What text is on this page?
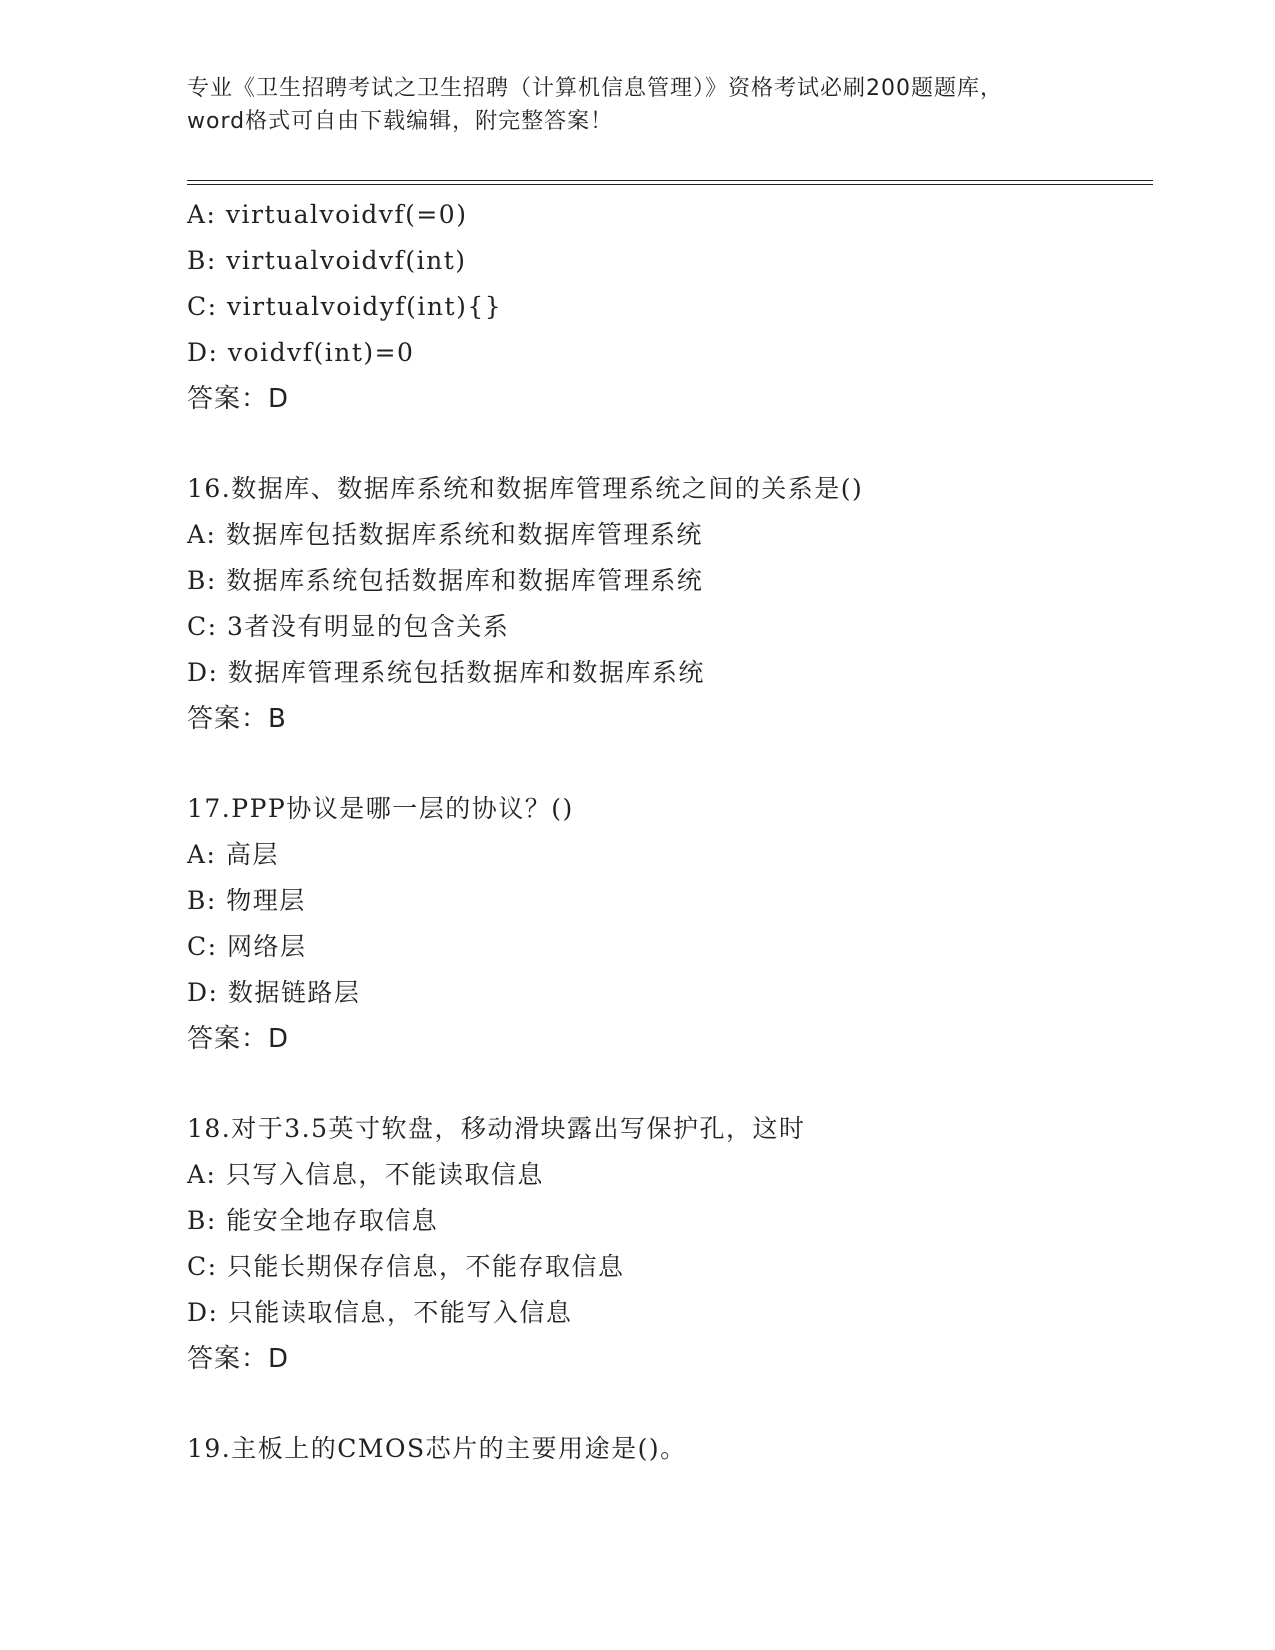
专业《卫生招聘考试之卫生招聘（计算机信息管理）》资格考试必刷200题题库，

word格式可自由下载编辑，附完整答案！

A: virtualvoidvf(=0)
B: virtualvoidvf(int)
C: virtualvoidyf(int){}
D: voidvf(int)=0
答案：D
16.数据库、数据库系统和数据库管理系统之间的关系是()
A: 数据库包括数据库系统和数据库管理系统
B: 数据库系统包括数据库和数据库管理系统
C: 3者没有明显的包含关系
D: 数据库管理系统包括数据库和数据库系统
答案：B
17.PPP协议是哪一层的协议？()
A: 高层
B: 物理层
C: 网络层
D: 数据链路层
答案：D
18.对于3.5英寸软盘，移动滑块露出写保护孔，这时
A: 只写入信息，不能读取信息
B: 能安全地存取信息
C: 只能长期保存信息，不能存取信息
D: 只能读取信息，不能写入信息
答案：D
19.主板上的CMOS芯片的主要用途是()。
